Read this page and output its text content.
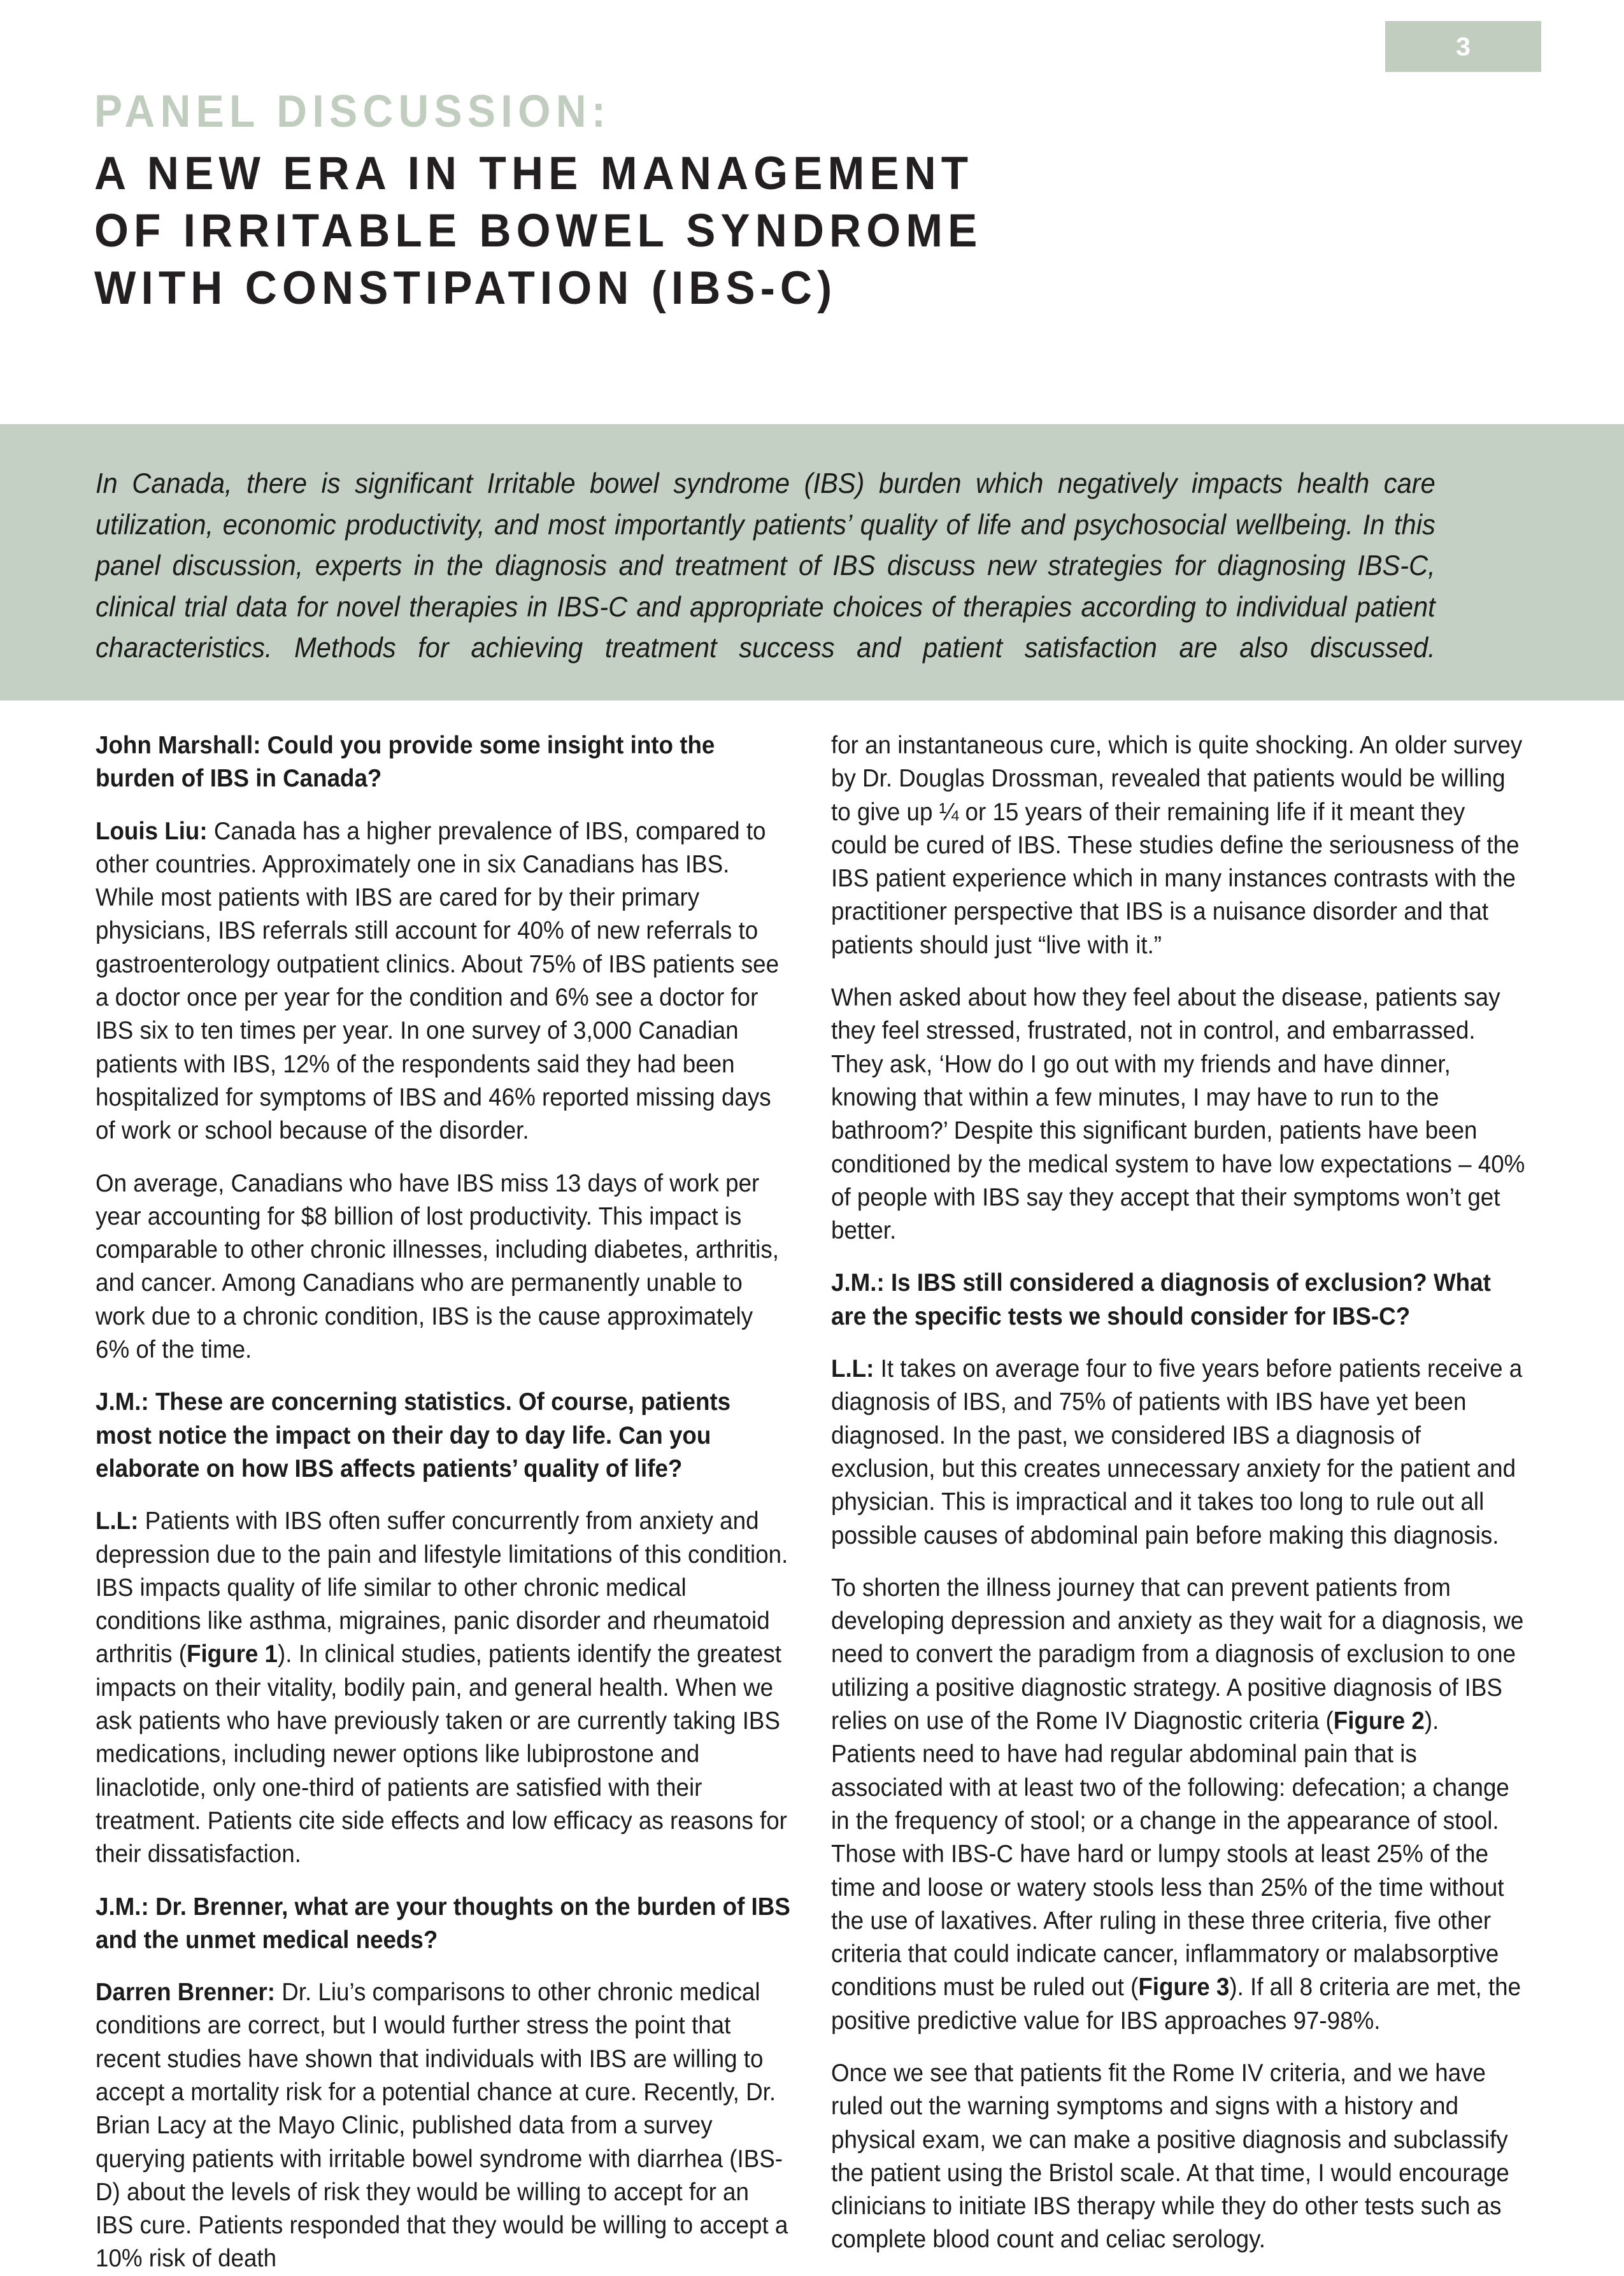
3
PANEL DISCUSSION:
A NEW ERA IN THE MANAGEMENT
OF IRRITABLE BOWEL SYNDROME
WITH CONSTIPATION (IBS-C)
In Canada, there is significant Irritable bowel syndrome (IBS) burden which negatively impacts health care utilization, economic productivity, and most importantly patients’ quality of life and psychosocial wellbeing. In this panel discussion, experts in the diagnosis and treatment of IBS discuss new strategies for diagnosing IBS-C, clinical trial data for novel therapies in IBS-C and appropriate choices of therapies according to individual patient characteristics. Methods for achieving treatment success and patient satisfaction are also discussed.

John Marshall: Could you provide some insight into the burden of IBS in Canada?

Louis Liu: Canada has a higher prevalence of IBS, compared to other countries. Approximately one in six Canadians has IBS. While most patients with IBS are cared for by their primary physicians, IBS referrals still account for 40% of new referrals to gastroenterology outpatient clinics. About 75% of IBS patients see a doctor once per year for the condition and 6% see a doctor for IBS six to ten times per year. In one survey of 3,000 Canadian patients with IBS, 12% of the respondents said they had been hospitalized for symptoms of IBS and 46% reported missing days of work or school because of the disorder.

On average, Canadians who have IBS miss 13 days of work per year accounting for $8 billion of lost productivity. This impact is comparable to other chronic illnesses, including diabetes, arthritis, and cancer. Among Canadians who are permanently unable to work due to a chronic condition, IBS is the cause approximately 6% of the time.

J.M.: These are concerning statistics. Of course, patients most notice the impact on their day to day life. Can you elaborate on how IBS affects patients’ quality of life?

L.L: Patients with IBS often suffer concurrently from anxiety and depression due to the pain and lifestyle limitations of this condition. IBS impacts quality of life similar to other chronic medical conditions like asthma, migraines, panic disorder and rheumatoid arthritis (Figure 1). In clinical studies, patients identify the greatest impacts on their vitality, bodily pain, and general health. When we ask patients who have previously taken or are currently taking IBS medications, including newer options like lubiprostone and linaclotide, only one-third of patients are satisfied with their treatment. Patients cite side effects and low efficacy as reasons for their dissatisfaction.

J.M.: Dr. Brenner, what are your thoughts on the burden of IBS and the unmet medical needs?

Darren Brenner: Dr. Liu’s comparisons to other chronic medical conditions are correct, but I would further stress the point that recent studies have shown that individuals with IBS are willing to accept a mortality risk for a potential chance at cure. Recently, Dr. Brian Lacy at the Mayo Clinic, published data from a survey querying patients with irritable bowel syndrome with diarrhea (IBS-D) about the levels of risk they would be willing to accept for an IBS cure. Patients responded that they would be willing to accept a 10% risk of death

for an instantaneous cure, which is quite shocking. An older survey by Dr. Douglas Drossman, revealed that patients would be willing to give up ¼ or 15 years of their remaining life if it meant they could be cured of IBS. These studies define the seriousness of the IBS patient experience which in many instances contrasts with the practitioner perspective that IBS is a nuisance disorder and that patients should just “live with it.”

When asked about how they feel about the disease, patients say they feel stressed, frustrated, not in control, and embarrassed. They ask, ‘How do I go out with my friends and have dinner, knowing that within a few minutes, I may have to run to the bathroom?’ Despite this significant burden, patients have been conditioned by the medical system to have low expectations – 40% of people with IBS say they accept that their symptoms won’t get better.

J.M.: Is IBS still considered a diagnosis of exclusion? What are the specific tests we should consider for IBS-C?

L.L: It takes on average four to five years before patients receive a diagnosis of IBS, and 75% of patients with IBS have yet been diagnosed. In the past, we considered IBS a diagnosis of exclusion, but this creates unnecessary anxiety for the patient and physician. This is impractical and it takes too long to rule out all possible causes of abdominal pain before making this diagnosis.

To shorten the illness journey that can prevent patients from developing depression and anxiety as they wait for a diagnosis, we need to convert the paradigm from a diagnosis of exclusion to one utilizing a positive diagnostic strategy. A positive diagnosis of IBS relies on use of the Rome IV Diagnostic criteria (Figure 2). Patients need to have had regular abdominal pain that is associated with at least two of the following: defecation; a change in the frequency of stool; or a change in the appearance of stool. Those with IBS-C have hard or lumpy stools at least 25% of the time and loose or watery stools less than 25% of the time without the use of laxatives. After ruling in these three criteria, five other criteria that could indicate cancer, inflammatory or malabsorptive conditions must be ruled out (Figure 3). If all 8 criteria are met, the positive predictive value for IBS approaches 97-98%.

Once we see that patients fit the Rome IV criteria, and we have ruled out the warning symptoms and signs with a history and physical exam, we can make a positive diagnosis and subclassify the patient using the Bristol scale. At that time, I would encourage clinicians to initiate IBS therapy while they do other tests such as complete blood count and celiac serology.
